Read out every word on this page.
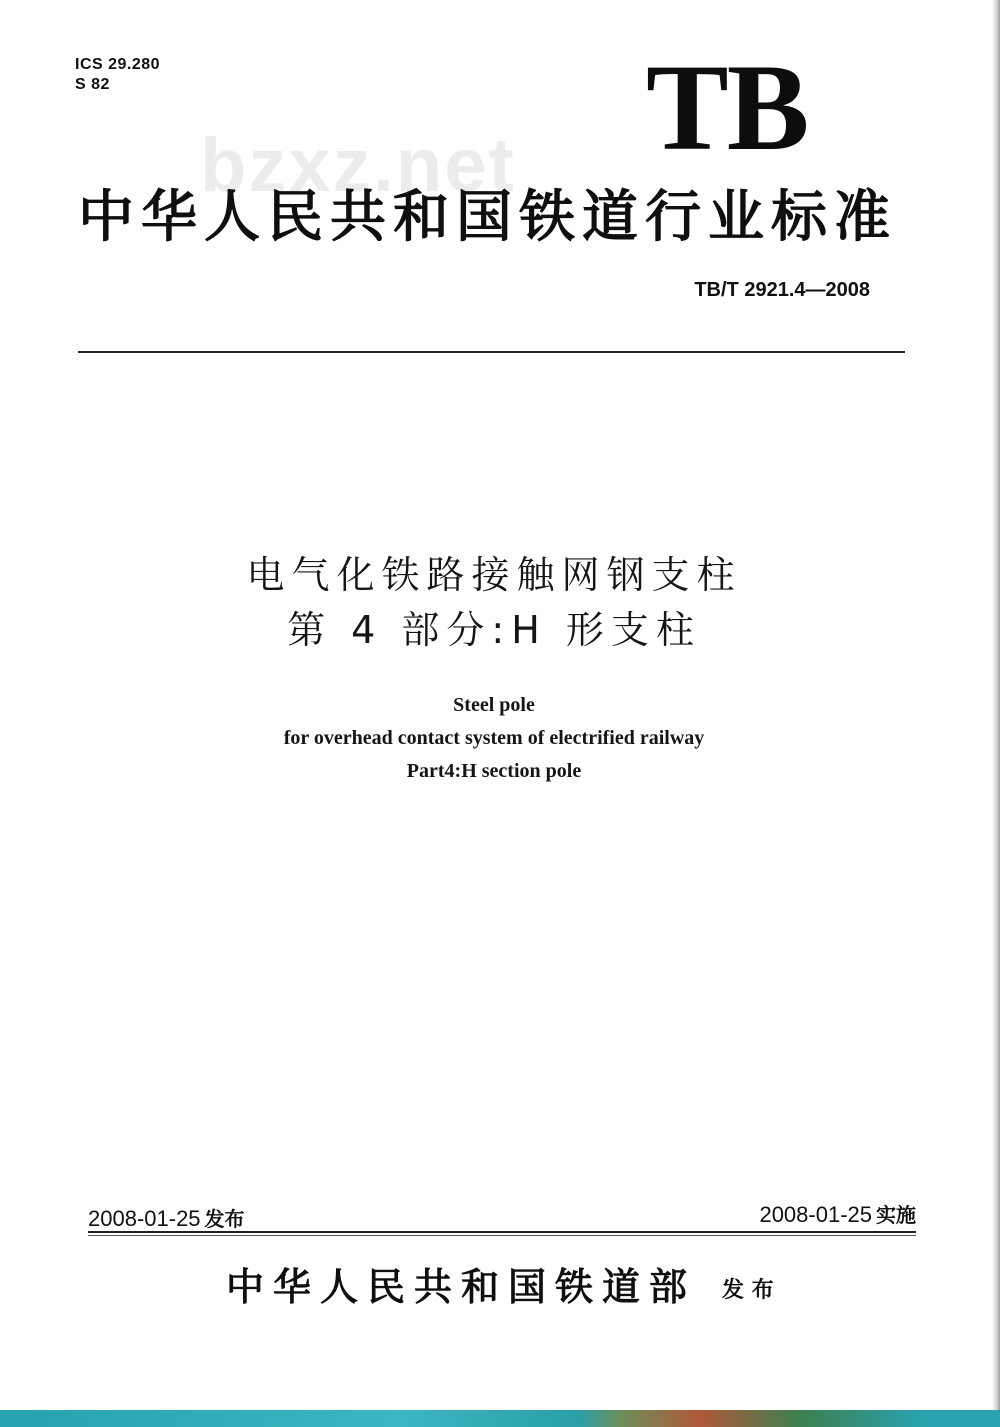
ICS 29.280
S 82	TB
bzxz.net
中华人民共和国铁道行业标准
TB/T 2921.4—2008
电气化铁路接触网钢支柱
第 4 部分:H 形支柱
Steel pole
for overhead contact system of electrified railway
Part4:H section pole
2008-01-25 发布	2008-01-25 实施
中华人民共和国铁道部 发 布
